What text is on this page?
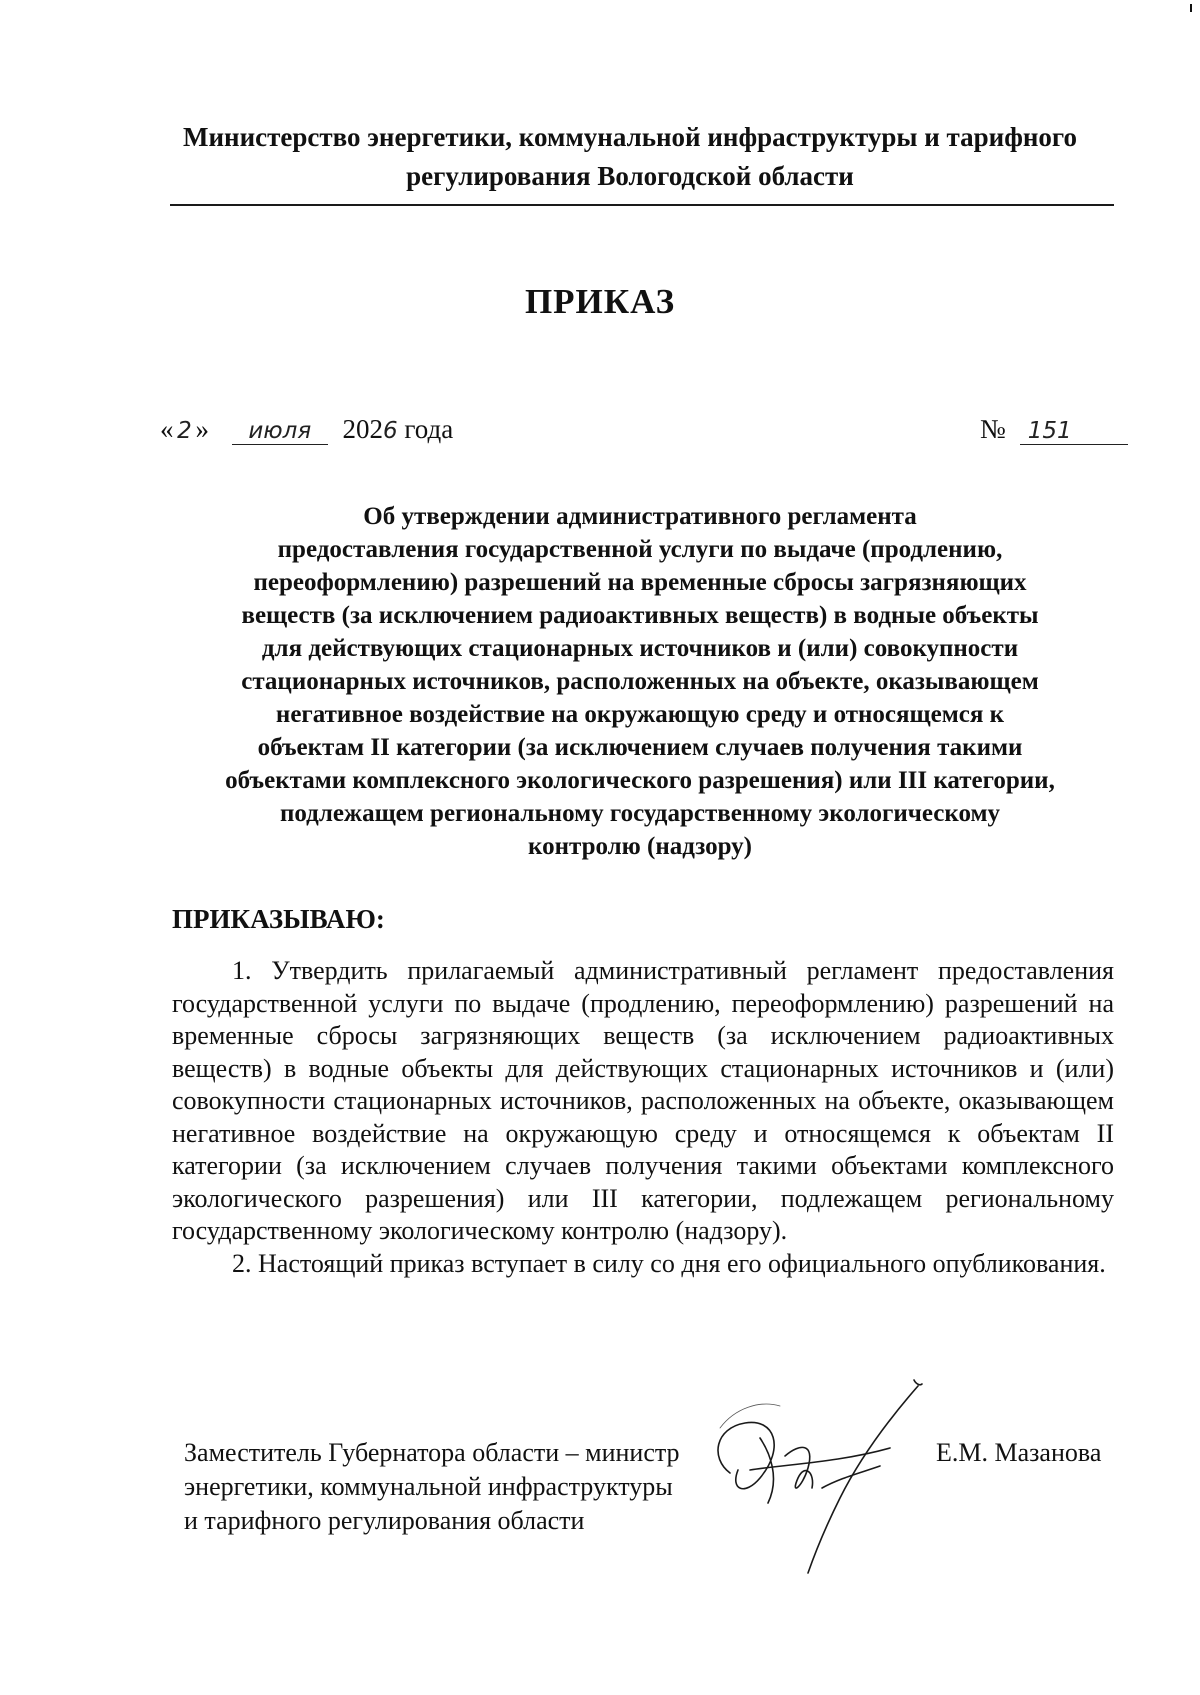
Министерство энергетики, коммунальной инфраструктуры и тарифного
регулирования Вологодской области
ПРИКАЗ
« 2 » июля 2026 года	№ 151
Об утверждении административного регламента
предоставления государственной услуги по выдаче (продлению,
переоформлению) разрешений на временные сбросы загрязняющих
веществ (за исключением радиоактивных веществ) в водные объекты
для действующих стационарных источников и (или) совокупности
стационарных источников, расположенных на объекте, оказывающем
негативное воздействие на окружающую среду и относящемся к
объектам II категории (за исключением случаев получения такими
объектами комплексного экологического разрешения) или III категории,
подлежащем региональному государственному экологическому
контролю (надзору)
ПРИКАЗЫВАЮ:

1. Утвердить прилагаемый административный регламент предоставления государственной услуги по выдаче (продлению, переоформлению) разрешений на временные сбросы загрязняющих веществ (за исключением радиоактивных веществ) в водные объекты для действующих стационарных источников и (или) совокупности стационарных источников, расположенных на объекте, оказывающем негативное воздействие на окружающую среду и относящемся к объектам II категории (за исключением случаев получения такими объектами комплексного экологического разрешения) или III категории, подлежащем региональному государственному экологическому контролю (надзору).

2. Настоящий приказ вступает в силу со дня его официального опубликования.

Заместитель Губернатора области – министр
энергетики, коммунальной инфраструктуры
и тарифного регулирования области
Е.М. Мазанова
